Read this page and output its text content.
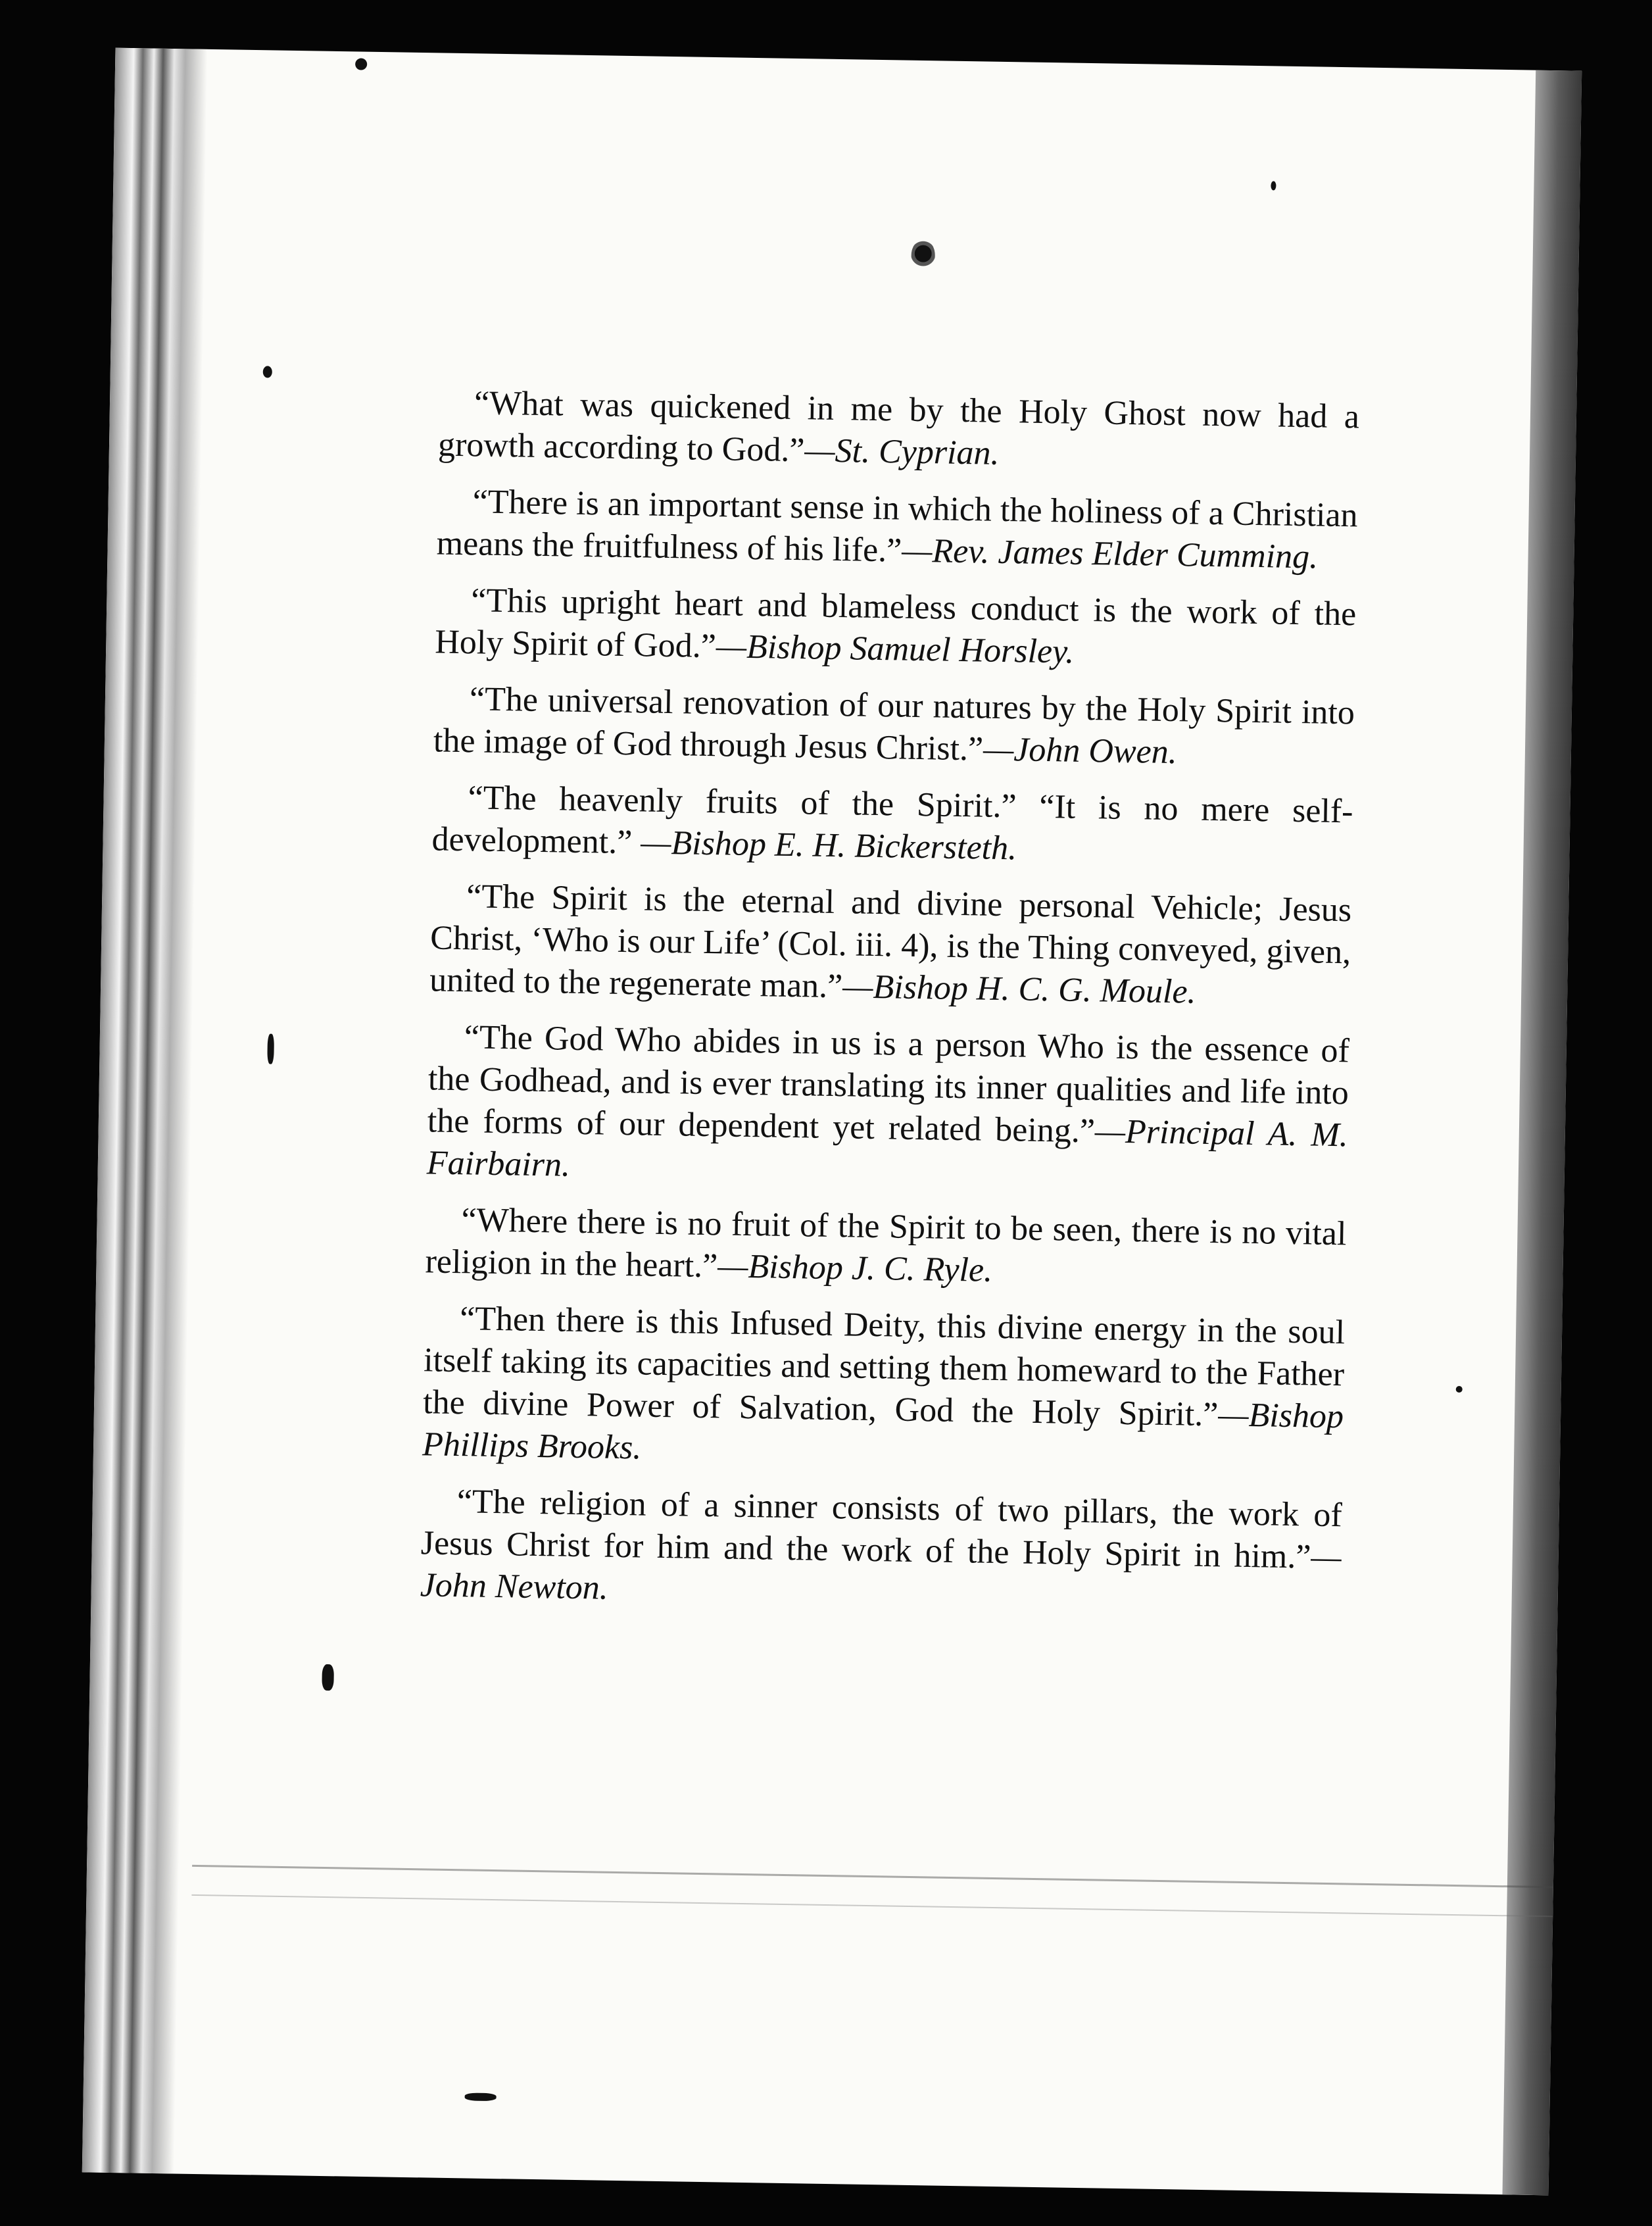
“What was quickened in me by the Holy Ghost now had a growth according to God.”—St. Cyprian.

“There is an important sense in which the holiness of a Christian means the fruitfulness of his life.”—Rev. James Elder Cumming.

“This upright heart and blameless conduct is the work of the Holy Spirit of God.”—Bishop Samuel Horsley.

“The universal renovation of our natures by the Holy Spirit into the image of God through Jesus Christ.”—John Owen.

“The heavenly fruits of the Spirit.” “It is no mere self-development.” —Bishop E. H. Bickersteth.

“The Spirit is the eternal and divine personal Vehicle; Jesus Christ, ‘Who is our Life’ (Col. iii. 4), is the Thing conveyed, given, united to the regenerate man.”—Bishop H. C. G. Moule.

“The God Who abides in us is a person Who is the essence of the Godhead, and is ever translating its inner qualities and life into the forms of our dependent yet related being.”—Principal A. M. Fairbairn.

“Where there is no fruit of the Spirit to be seen, there is no vital religion in the heart.”—Bishop J. C. Ryle.

“Then there is this Infused Deity, this divine energy in the soul itself taking its capacities and setting them homeward to the Father the divine Power of Salvation, God the Holy Spirit.”—Bishop Phillips Brooks.

“The religion of a sinner consists of two pillars, the work of Jesus Christ for him and the work of the Holy Spirit in him.”—John Newton.
